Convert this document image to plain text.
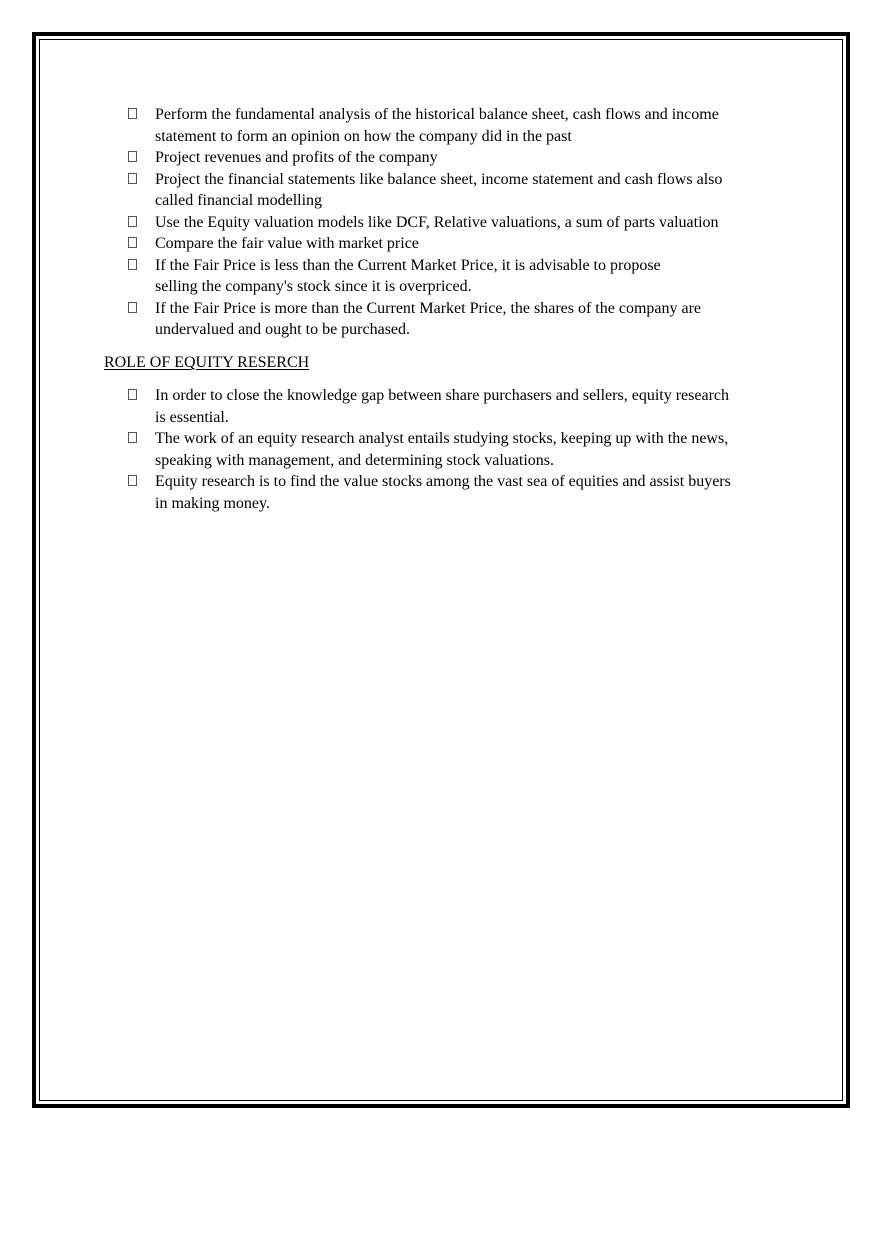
Perform the fundamental analysis of the historical balance sheet, cash flows and income
statement to form an opinion on how the company did in the past
Project revenues and profits of the company
Project the financial statements like balance sheet, income statement and cash flows also
called financial modelling
Use the Equity valuation models like DCF, Relative valuations, a sum of parts valuation
Compare the fair value with market price
If the Fair Price is less than the Current Market Price, it is advisable to propose
selling the company's stock since it is overpriced.
If the Fair Price is more than the Current Market Price, the shares of the company are
undervalued and ought to be purchased.
ROLE OF EQUITY RESERCH
In order to close the knowledge gap between share purchasers and sellers, equity research
is essential.
The work of an equity research analyst entails studying stocks, keeping up with the news,
speaking with management, and determining stock valuations.
Equity research is to find the value stocks among the vast sea of equities and assist buyers
in making money.
